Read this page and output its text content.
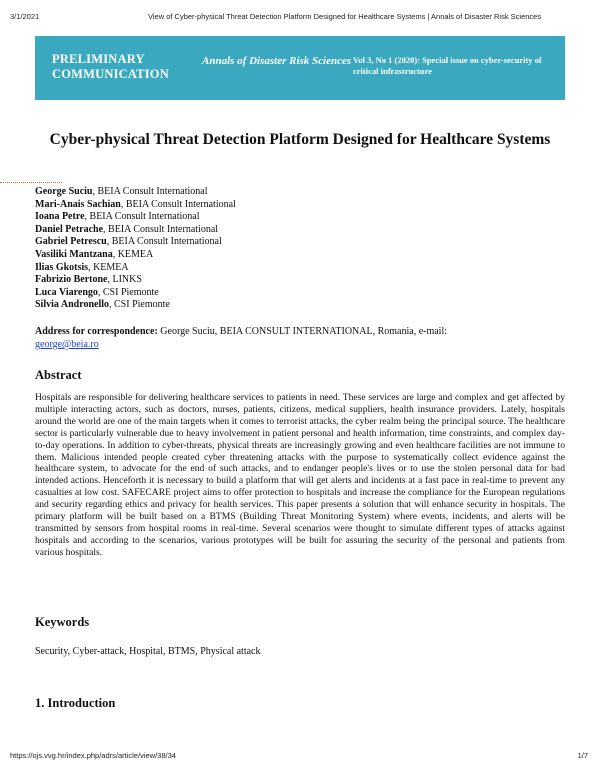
3/1/2021	View of Cyber-physical Threat Detection Platform Designed for Healthcare Systems | Annals of Disaster Risk Sciences
PRELIMINARY
COMMUNICATION
Annals of Disaster Risk Sciences Vol 3, No 1 (2020): Special issue on cyber-security of critical infrastructure
Cyber-physical Threat Detection Platform Designed for Healthcare Systems
George Suciu, BEIA Consult International
Mari-Anais Sachian, BEIA Consult International
Ioana Petre, BEIA Consult International
Daniel Petrache, BEIA Consult International
Gabriel Petrescu, BEIA Consult International
Vasiliki Mantzana, KEMEA
Ilias Gkotsis, KEMEA
Fabrizio Bertone, LINKS
Luca Viarengo, CSI Piemonte
Silvia Andronello, CSI Piemonte
Address for correspondence: George Suciu, BEIA CONSULT INTERNATIONAL, Romania, e-mail: george@beia.ro
Abstract
Hospitals are responsible for delivering healthcare services to patients in need. These services are large and complex and get affected by multiple interacting actors, such as doctors, nurses, patients, citizens, medical suppliers, health insurance providers. Lately, hospitals around the world are one of the main targets when it comes to terrorist attacks, the cyber realm being the principal source. The healthcare sector is particularly vulnerable due to heavy involvement in patient personal and health information, time constraints, and complex day-to-day operations. In addition to cyber-threats, physical threats are increasingly growing and even healthcare facilities are not immune to them. Malicious intended people created cyber threatening attacks with the purpose to systematically collect evidence against the healthcare system, to advocate for the end of such attacks, and to endanger people's lives or to use the stolen personal data for bad intended actions. Henceforth it is necessary to build a platform that will get alerts and incidents at a fast pace in real-time to prevent any casualties at low cost. SAFECARE project aims to offer protection to hospitals and increase the compliance for the European regulations and security regarding ethics and privacy for health services. This paper presents a solution that will enhance security in hospitals. The primary platform will be built based on a BTMS (Building Threat Monitoring System) where events, incidents, and alerts will be transmitted by sensors from hospital rooms in real-time. Several scenarios were thought to simulate different types of attacks against hospitals and according to the scenarios, various prototypes will be built for assuring the security of the personal and patients from various hospitals.
Keywords
Security, Cyber-attack, Hospital, BTMS, Physical attack
1. Introduction
https://ojs.vvg.hr/index.php/adrs/article/view/38/34	1/7
